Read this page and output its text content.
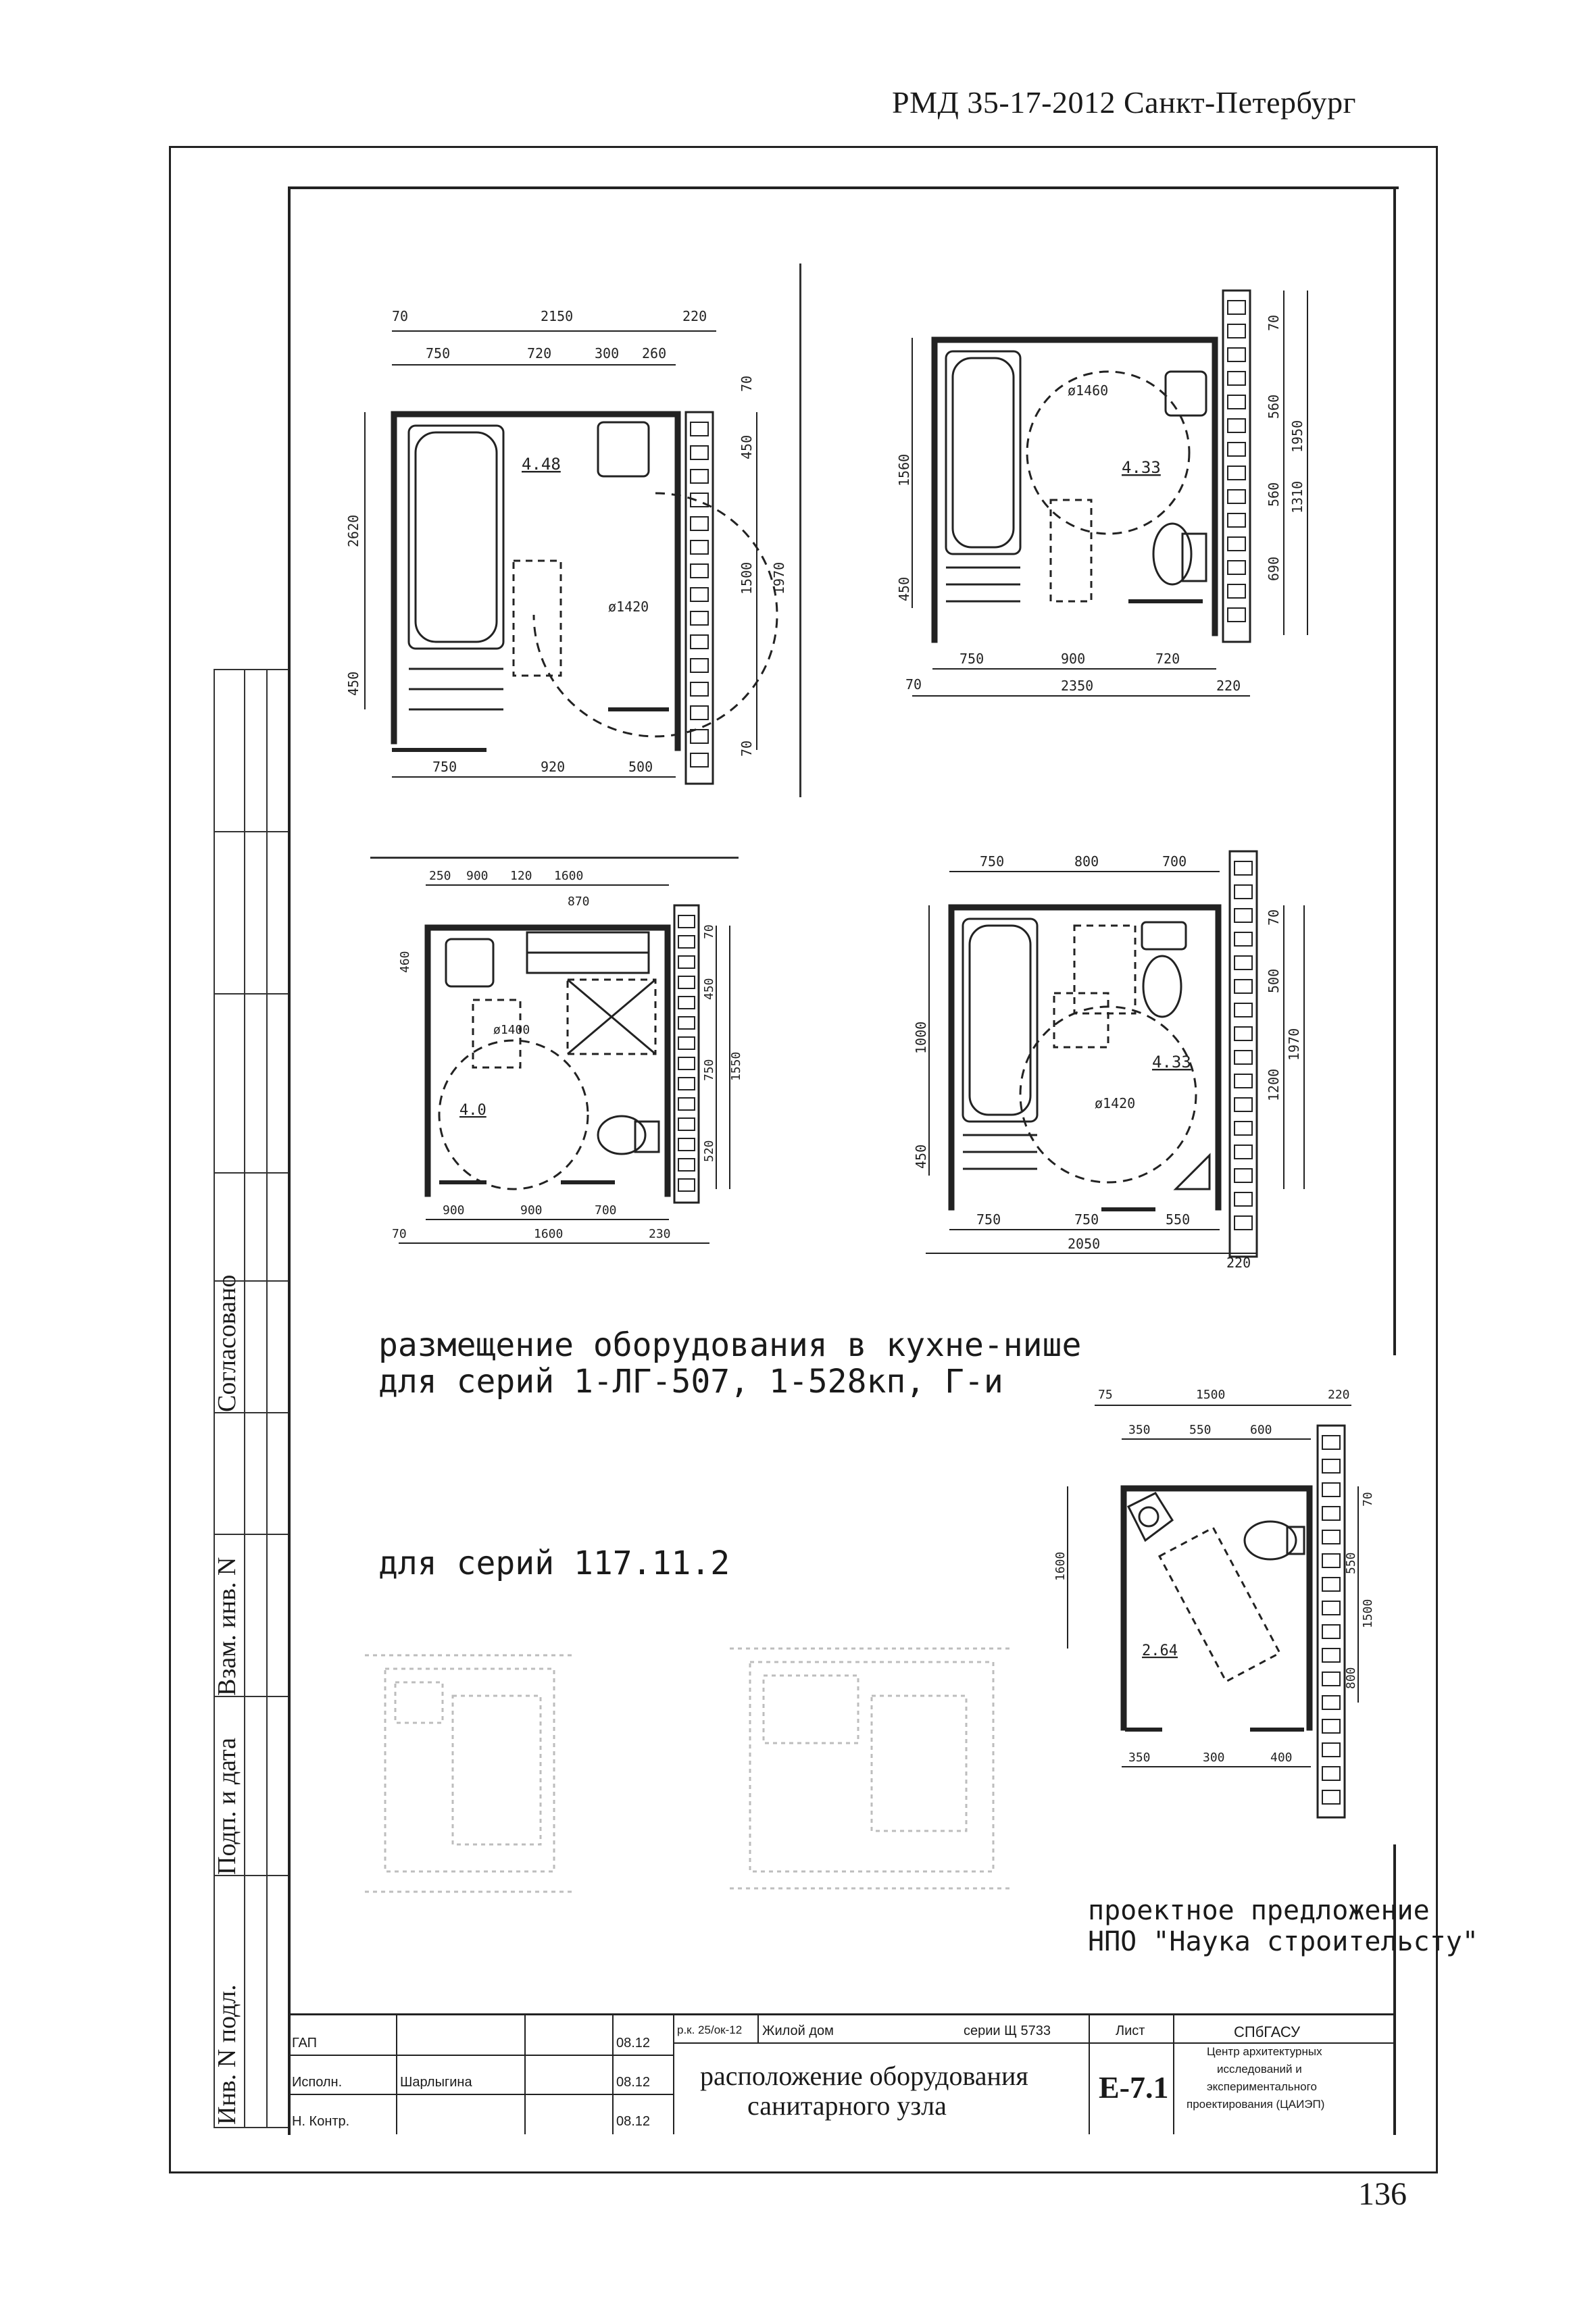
РМД 35-17-2012 Санкт-Петербург
136
Согласовано
Взам. инв. N
Подп. и дата
Инв. N подл.
70	2150	220
750	720	300 260
750	920	500
2620
450
450
1500 1970
70
70
4.48
ø1420
750	900	720
2350	220
70
70
560
1950
560 1310
690
1560
450
4.33
ø1460
250 900 120 1600
870
900	900	700
1600	230
70
70
450
1550
750
520
460
4.0
ø1400
750	800	700
750	750	550
2050
220
70
500
1970
1200
1000
450
4.33
ø1420
размещение оборудования в кухне-нише
для серий 1-ЛГ-507, 1-528кп, Г-и
для серий 117.11.2
75	1500	220
350	550	600
350	300	400
70
550
1500
800
1600
2.64
проектное предложение
НПО "Наука строительсту"
ГАП	08.12
Исполн.	Шарлыгина	08.12
Н. Контр.	08.12
р.к. 25/ок-12 Жилой дом	серии Щ 5733
расположение оборудования
санитарного узла
Лист
Е-7.1
СПбГАСУ
Центр архитектурных
исследований и
экспериментального
проектирования (ЦАИЭП)
